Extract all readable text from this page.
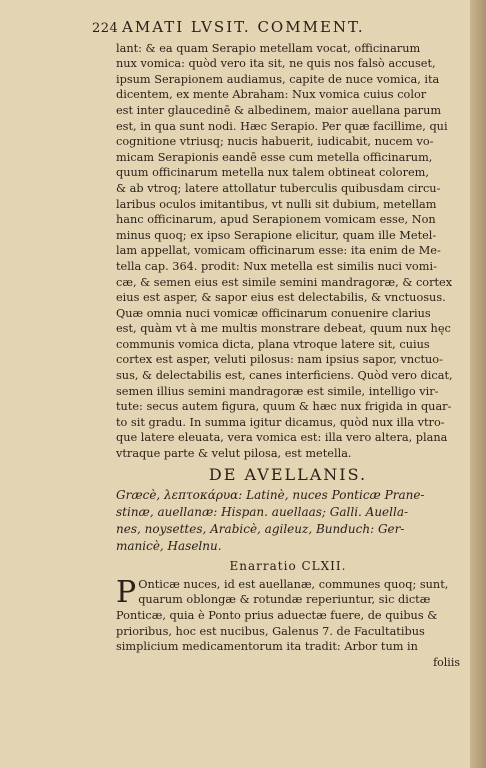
224 AMATI LVSIT. COMMENT.
lant: & ea quam Serapio metellam vocat, officinarum
nux vomica: quòd vero ita sit, ne quis nos falsò accuset,
ipsum Serapionem audiamus, capite de nuce vomica, ita
dicentem, ex mente Abraham: Nux vomica cuius color
est inter glaucedinē & albedinem, maior auellana parum
est, in qua sunt nodi. Hæc Serapio. Per quæ facillime, qui
cognitione vtriusq; nucis habuerit, iudicabit, nucem vo-
micam Serapionis eandē esse cum metella officinarum,
quum officinarum metella nux talem obtineat colorem,
& ab vtroq; latere attollatur tuberculis quibusdam circu-
laribus oculos imitantibus, vt nulli sit dubium, metellam
hanc officinarum, apud Serapionem vomicam esse, Non
minus quoq; ex ipso Serapione elicitur, quam ille Metel-
lam appellat, vomicam officinarum esse: ita enim de Me-
tella cap. 364. prodit: Nux metella est similis nuci vomi-
cæ, & semen eius est simile semini mandragoræ, & cortex
eius est asper, & sapor eius est delectabilis, & vnctuosus.
Quæ omnia nuci vomicæ officinarum conuenire clarius
est, quàm vt à me multis monstrare debeat, quum nux hęc
communis vomica dicta, plana vtroque latere sit, cuius
cortex est asper, veluti pilosus: nam ipsius sapor, vnctuo-
sus, & delectabilis est, canes interficiens. Quòd vero dicat,
semen illius semini mandragoræ est simile, intelligo vir-
tute: secus autem figura, quum & hæc nux frigida in quar-
to sit gradu. In summa igitur dicamus, quòd nux illa vtro-
que latere eleuata, vera vomica est: illa vero altera, plana
vtraque parte & velut pilosa, est metella.
DE AVELLANIS.
Græcè, λεπτοκάρυα: Latinè, nuces Ponticæ Prane-
stinæ, auellanæ: Hispan. auellaas; Galli. Auella-
nes, noysettes, Arabicè, agileuz, Bunduch: Ger-
manicè, Haselnu.
Enarratio CLXII.
P Onticæ nuces, id est auellanæ, communes quoq; sunt,
quarum oblongæ & rotundæ reperiuntur, sic dictæ
Ponticæ, quia è Ponto prius aduectæ fuere, de quibus &
prioribus, hoc est nucibus, Galenus 7. de Facultatibus
simplicium medicamentorum ita tradit: Arbor tum in
foliis
